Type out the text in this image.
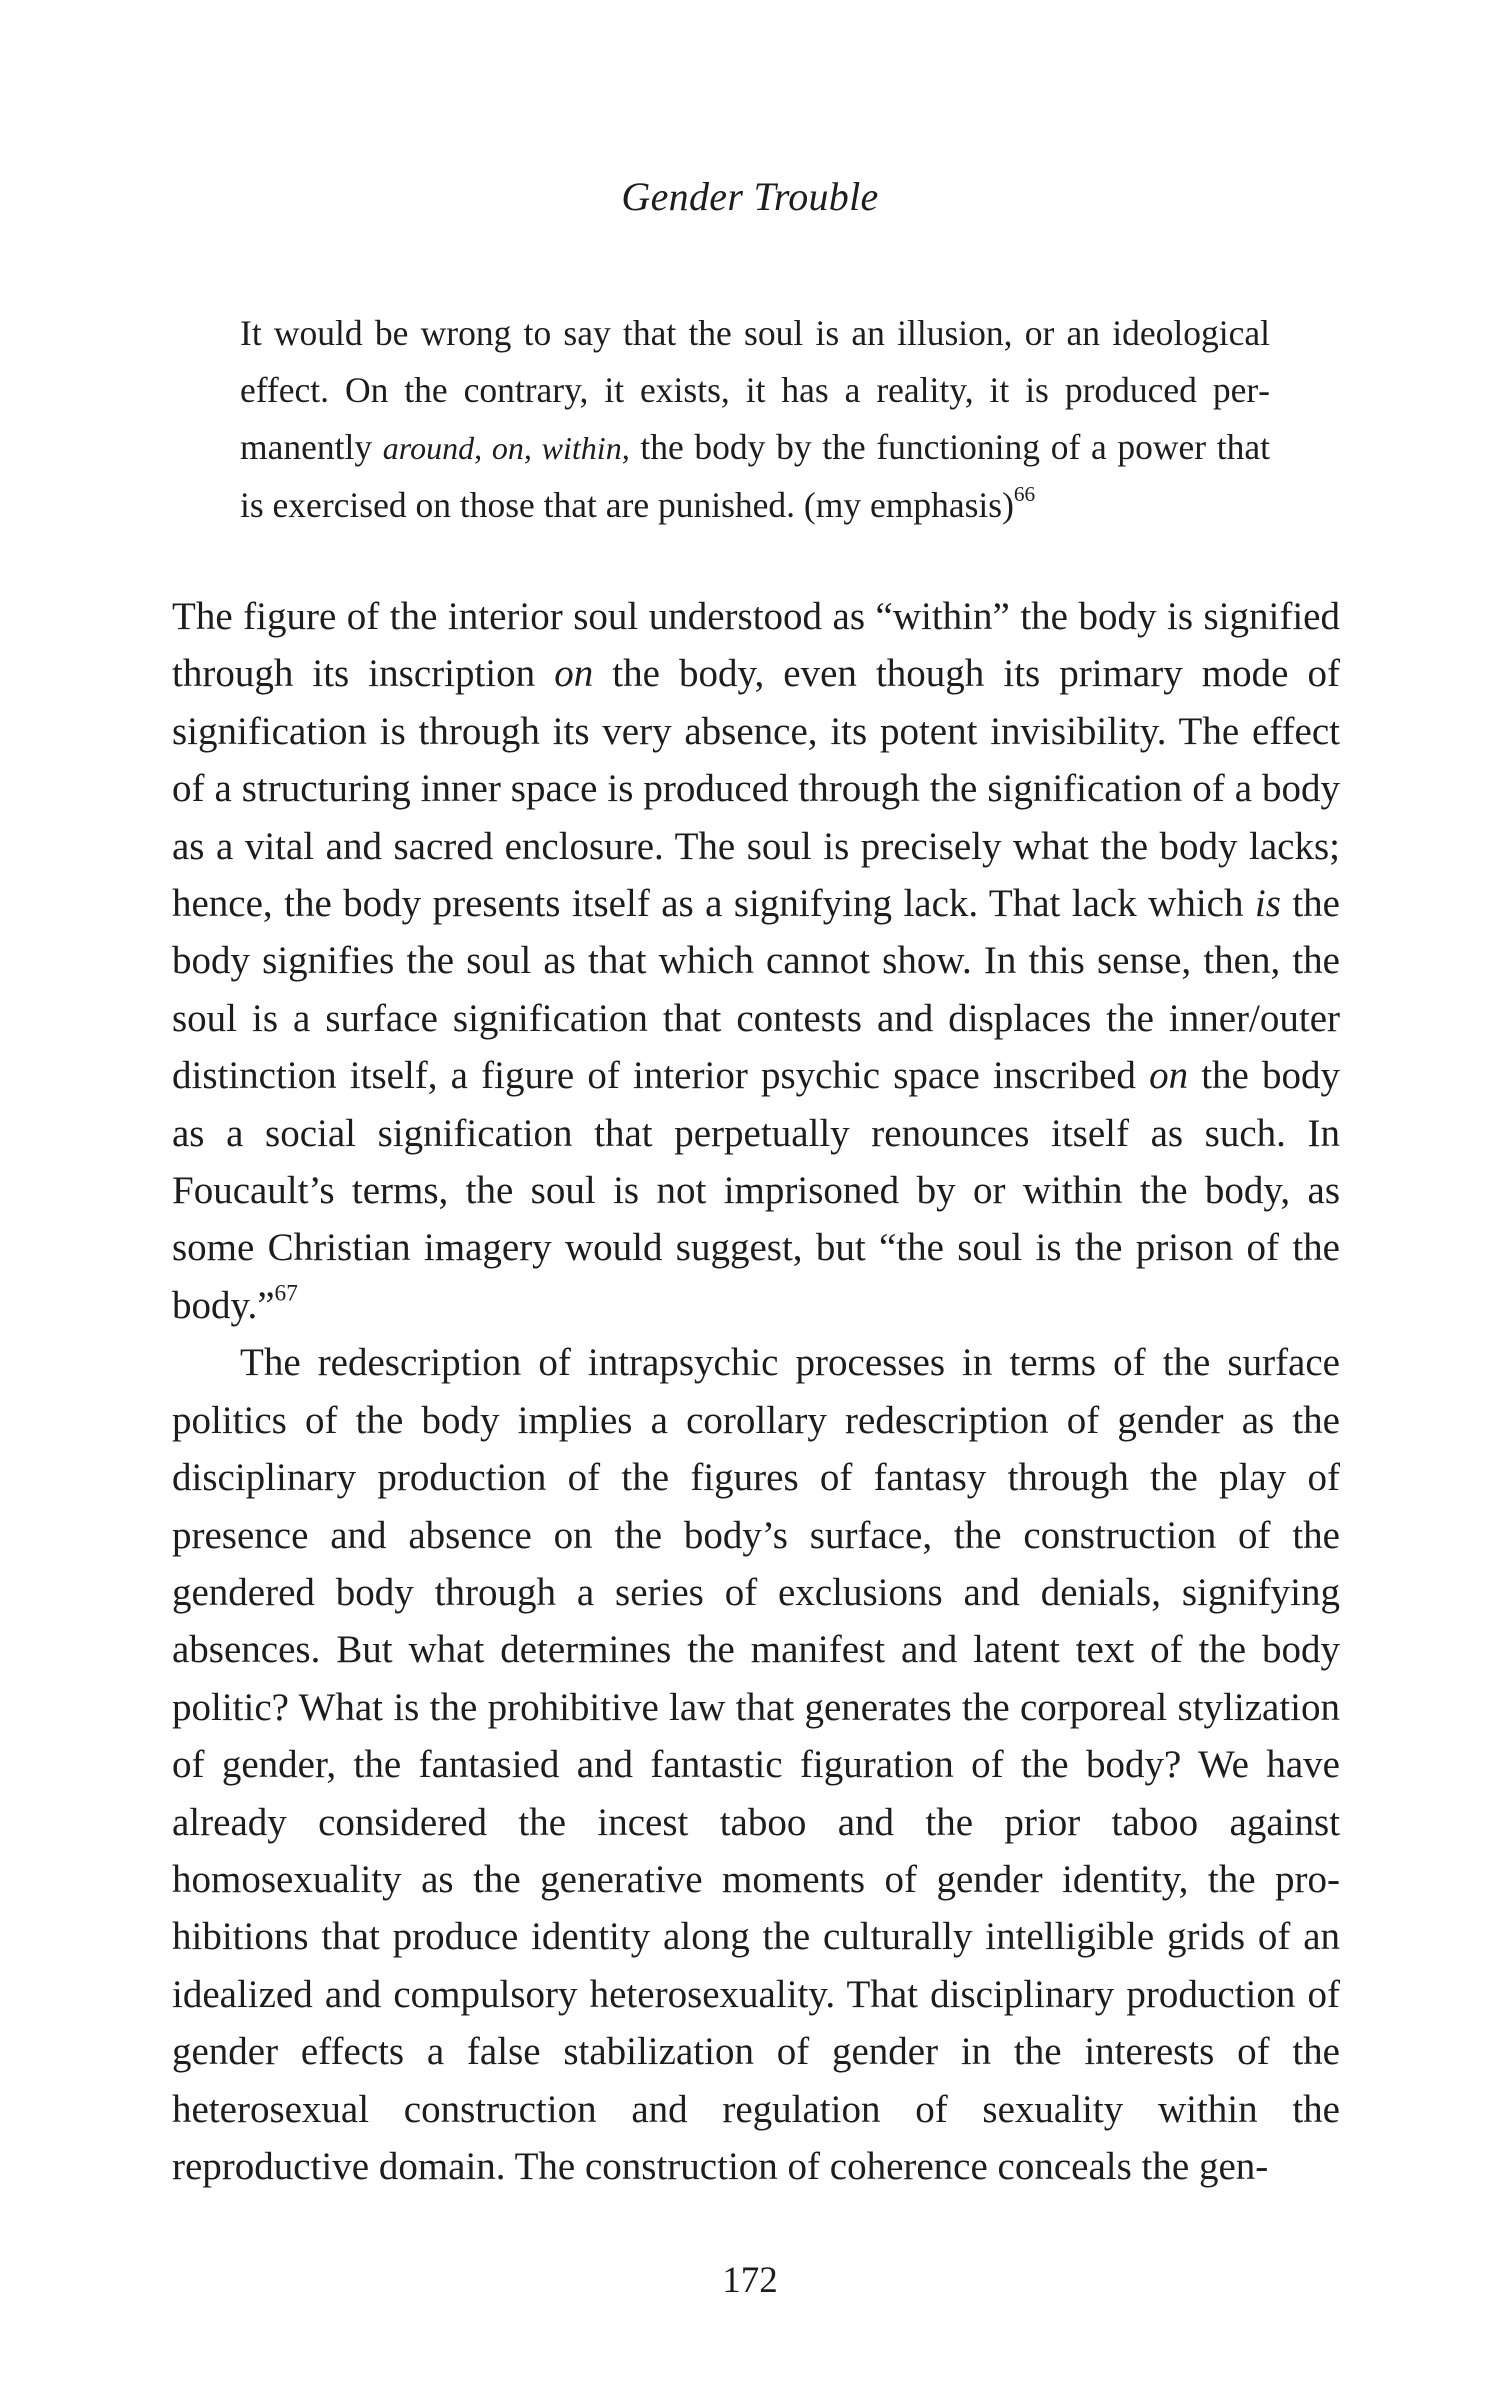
Gender Trouble
It would be wrong to say that the soul is an illusion, or an ideological effect. On the contrary, it exists, it has a reality, it is produced permanently around, on, within, the body by the functioning of a power that is exercised on those that are punished. (my emphasis)$^{66}$

The figure of the interior soul understood as “within” the body is signified through its inscription on the body, even though its primary mode of signification is through its very absence, its potent invisibility. The effect of a structuring inner space is produced through the signification of a body as a vital and sacred enclosure. The soul is precisely what the body lacks; hence, the body presents itself as a signifying lack. That lack which is the body signifies the soul as that which cannot show. In this sense, then, the soul is a surface signification that contests and displaces the inner/outer distinction itself, a figure of interior psychic space inscribed on the body as a social signification that perpetually renounces itself as such. In Foucault’s terms, the soul is not imprisoned by or within the body, as some Christian imagery would suggest, but “the soul is the prison of the body.”$^{67}$

The redescription of intrapsychic processes in terms of the surface politics of the body implies a corollary redescription of gender as the disciplinary production of the figures of fantasy through the play of presence and absence on the body’s surface, the construction of the gendered body through a series of exclusions and denials, signifying absences. But what determines the manifest and latent text of the body politic? What is the prohibitive law that generates the corporeal stylization of gender, the fantasied and fantastic figuration of the body? We have already considered the incest taboo and the prior taboo against homosexuality as the generative moments of gender identity, the prohibitions that produce identity along the culturally intelligible grids of an idealized and compulsory heterosexuality. That disciplinary production of gender effects a false stabilization of gender in the interests of the heterosexual construction and regulation of sexuality within the reproductive domain. The construction of coherence conceals the gen-

172
